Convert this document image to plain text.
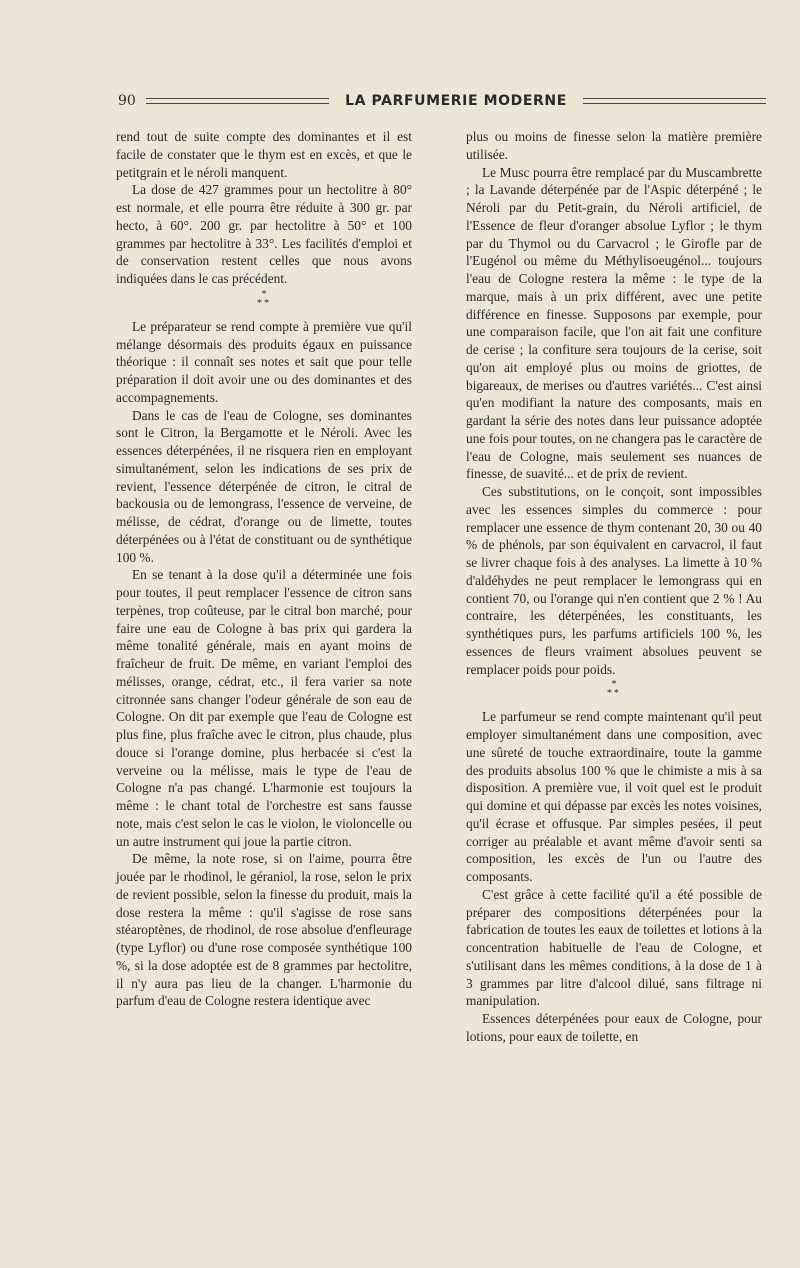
90	LA PARFUMERIE MODERNE

rend tout de suite compte des dominantes et il est facile de constater que le thym est en excès, et que le petitgrain et le néroli manquent.

La dose de 427 grammes pour un hectolitre à 80° est normale, et elle pourra être réduite à 300 gr. par hecto, à 60°. 200 gr. par hectolitre à 50° et 100 grammes par hectolitre à 33°. Les facilités d'emploi et de conservation restent celles que nous avons indiquées dans le cas précédent.

*
**

Le préparateur se rend compte à première vue qu'il mélange désormais des produits égaux en puissance théorique : il connaît ses notes et sait que pour telle préparation il doit avoir une ou des dominantes et des accompagnements.

Dans le cas de l'eau de Cologne, ses dominantes sont le Citron, la Bergamotte et le Néroli. Avec les essences déterpénées, il ne risquera rien en employant simultanément, selon les indications de ses prix de revient, l'essence déterpénée de citron, le citral de backousia ou de lemongrass, l'essence de verveine, de mélisse, de cédrat, d'orange ou de limette, toutes déterpénées ou à l'état de constituant ou de synthétique 100 %.

En se tenant à la dose qu'il a déterminée une fois pour toutes, il peut remplacer l'essence de citron sans terpènes, trop coûteuse, par le citral bon marché, pour faire une eau de Cologne à bas prix qui gardera la même tonalité générale, mais en ayant moins de fraîcheur de fruit. De même, en variant l'emploi des mélisses, orange, cédrat, etc., il fera varier sa note citronnée sans changer l'odeur générale de son eau de Cologne. On dit par exemple que l'eau de Cologne est plus fine, plus fraîche avec le citron, plus chaude, plus douce si l'orange domine, plus herbacée si c'est la verveine ou la mélisse, mais le type de l'eau de Cologne n'a pas changé. L'harmonie est toujours la même : le chant total de l'orchestre est sans fausse note, mais c'est selon le cas le violon, le violoncelle ou un autre instrument qui joue la partie citron.

De même, la note rose, si on l'aime, pourra être jouée par le rhodinol, le géraniol, la rose, selon le prix de revient possible, selon la finesse du produit, mais la dose restera la même : qu'il s'agisse de rose sans stéaroptènes, de rhodinol, de rose absolue d'enfleurage (type Lyflor) ou d'une rose composée synthétique 100 %, si la dose adoptée est de 8 grammes par hectolitre, il n'y aura pas lieu de la changer. L'harmonie du parfum d'eau de Cologne restera identique avec

plus ou moins de finesse selon la matière première utilisée.

Le Musc pourra être remplacé par du Muscambrette ; la Lavande déterpénée par de l'Aspic déterpéné ; le Néroli par du Petit-grain, du Néroli artificiel, de l'Essence de fleur d'oranger absolue Lyflor ; le thym par du Thymol ou du Carvacrol ; le Girofle par de l'Eugénol ou même du Méthylisoeugénol... toujours l'eau de Cologne restera la même : le type de la marque, mais à un prix différent, avec une petite différence en finesse. Supposons par exemple, pour une comparaison facile, que l'on ait fait une confiture de cerise ; la confiture sera toujours de la cerise, soit qu'on ait employé plus ou moins de griottes, de bigareaux, de merises ou d'autres variétés... C'est ainsi qu'en modifiant la nature des composants, mais en gardant la série des notes dans leur puissance adoptée une fois pour toutes, on ne changera pas le caractère de l'eau de Cologne, mais seulement ses nuances de finesse, de suavité... et de prix de revient.

Ces substitutions, on le conçoit, sont impossibles avec les essences simples du commerce : pour remplacer une essence de thym contenant 20, 30 ou 40 % de phénols, par son équivalent en carvacrol, il faut se livrer chaque fois à des analyses. La limette à 10 % d'aldéhydes ne peut remplacer le lemongrass qui en contient 70, ou l'orange qui n'en contient que 2 % ! Au contraire, les déterpénées, les constituants, les synthétiques purs, les parfums artificiels 100 %, les essences de fleurs vraiment absolues peuvent se remplacer poids pour poids.

*
**

Le parfumeur se rend compte maintenant qu'il peut employer simultanément dans une composition, avec une sûreté de touche extraordinaire, toute la gamme des produits absolus 100 % que le chimiste a mis à sa disposition. A première vue, il voit quel est le produit qui domine et qui dépasse par excès les notes voisines, qu'il écrase et offusque. Par simples pesées, il peut corriger au préalable et avant même d'avoir senti sa composition, les excès de l'un ou l'autre des composants.

C'est grâce à cette facilité qu'il a été possible de préparer des compositions déterpénées pour la fabrication de toutes les eaux de toilettes et lotions à la concentration habituelle de l'eau de Cologne, et s'utilisant dans les mêmes conditions, à la dose de 1 à 3 grammes par litre d'alcool dilué, sans filtrage ni manipulation.

Essences déterpénées pour eaux de Cologne, pour lotions, pour eaux de toilette, en
